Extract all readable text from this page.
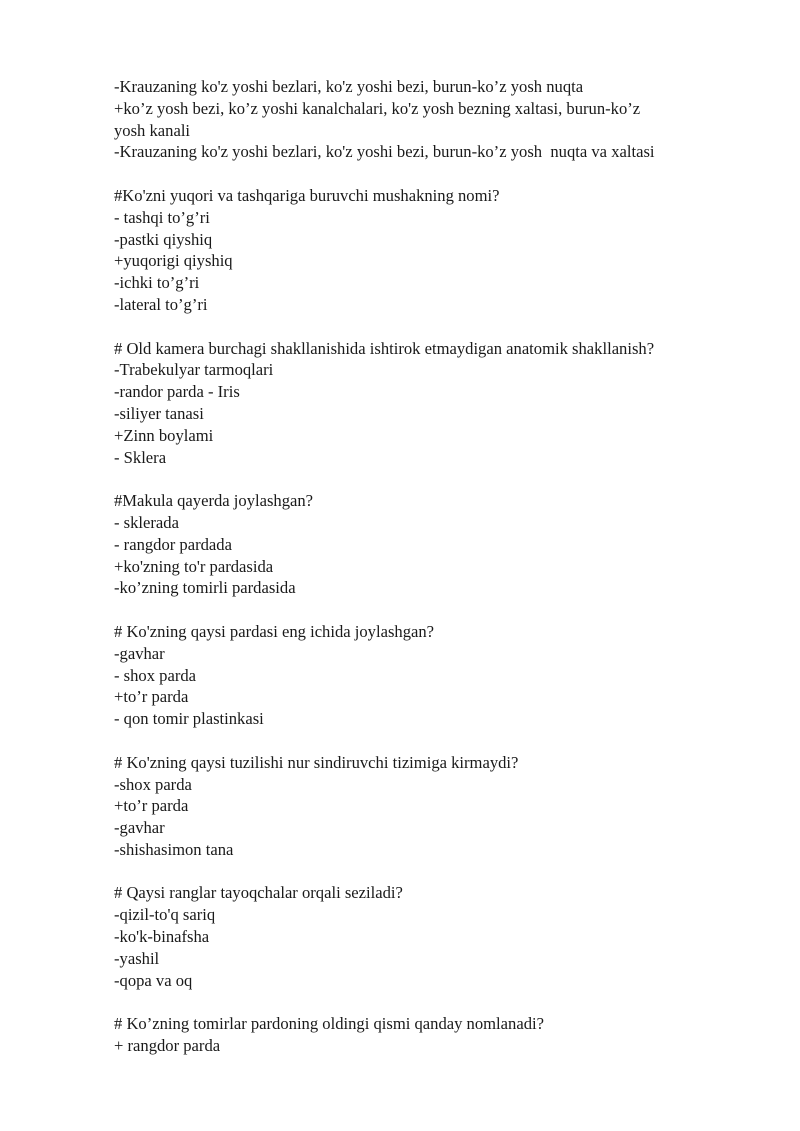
-Krauzaning ko'z yoshi bezlari, ko'z yoshi bezi, burun-ko’z yosh nuqta
+ko’z yosh bezi, ko’z yoshi kanalchalari, ko'z yosh bezning xaltasi, burun-ko’z
yosh kanali
-Krauzaning ko'z yoshi bezlari, ko'z yoshi bezi, burun-ko’z yosh  nuqta va xaltasi
#Ko'zni yuqori va tashqariga buruvchi mushakning nomi?
- tashqi to’g’ri
-pastki qiyshiq
+yuqorigi qiyshiq
-ichki to’g’ri
-lateral to’g’ri
# Old kamera burchagi shakllanishida ishtirok etmaydigan anatomik shakllanish?
-Trabekulyar tarmoqlari
-randor parda - Iris
-siliyer tanasi
+Zinn boylami
- Sklera
#Makula qayerda joylashgan?
- sklerada
- rangdor pardada
+ko'zning to'r pardasida
-ko’zning tomirli pardasida
# Ko'zning qaysi pardasi eng ichida joylashgan?
-gavhar
- shox parda
+to’r parda
- qon tomir plastinkasi
# Ko'zning qaysi tuzilishi nur sindiruvchi tizimiga kirmaydi?
-shox parda
+to’r parda
-gavhar
-shishasimon tana
# Qaysi ranglar tayoqchalar orqali seziladi?
-qizil-to'q sariq
-ko'k-binafsha
-yashil
-qopa va oq
# Ko’zning tomirlar pardoning oldingi qismi qanday nomlanadi?
+ rangdor parda
